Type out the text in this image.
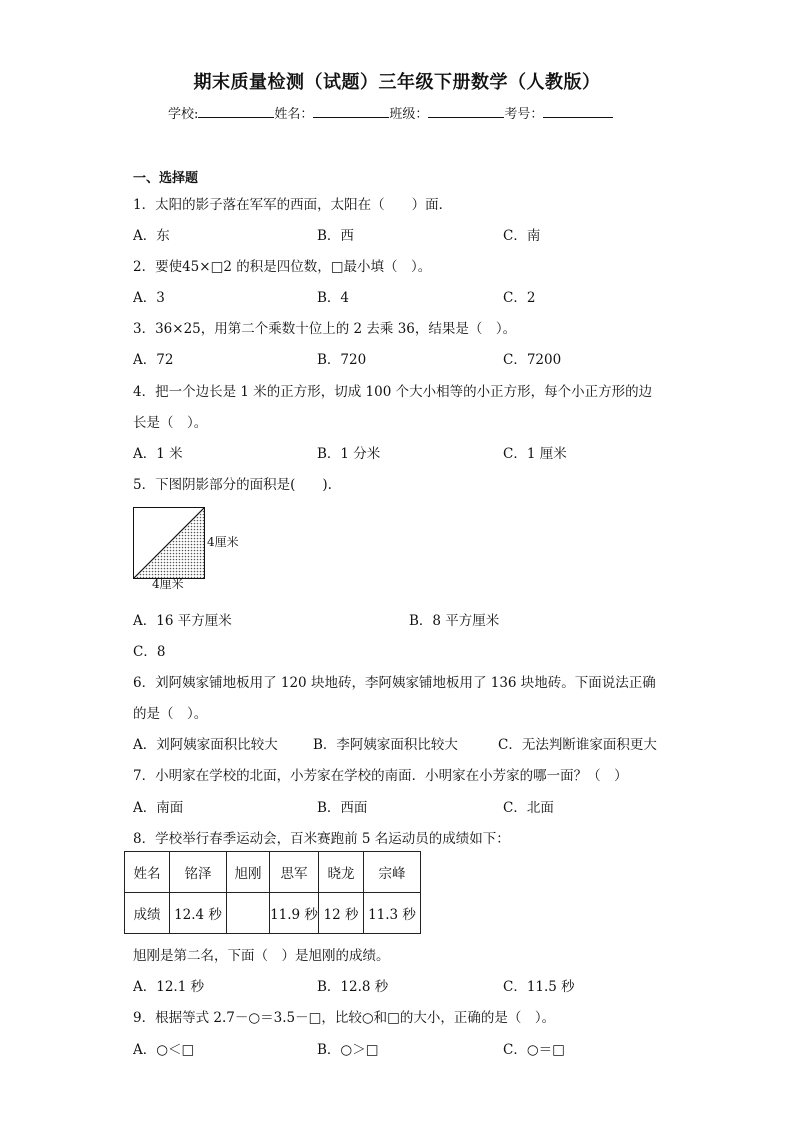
期末质量检测（试题）三年级下册数学（人教版）
学校:	姓名：	班级：	考号：
一、选择题
1．太阳的影子落在军军的西面，太阳在（　　）面．
A．东	B．西	C．南
2．要使45×□2 的积是四位数，□最小填（　）。
A．3	B．4	C．2
3．36×25，用第二个乘数十位上的 2 去乘 36，结果是（　）。
A．72	B．720	C．7200
4．把一个边长是 1 米的正方形，切成 100 个大小相等的小正方形，每个小正方形的边
长是（　）。
A．1 米	B．1 分米	C．1 厘米
5．下图阴影部分的面积是(　　).
4厘米
4厘米
A．16 平方厘米	B．8 平方厘米
C．8
6．刘阿姨家铺地板用了 120 块地砖，李阿姨家铺地板用了 136 块地砖。下面说法正确
的是（　）。
A．刘阿姨家面积比较大	B．李阿姨家面积比较大	C．无法判断谁家面积更大
7．小明家在学校的北面，小芳家在学校的南面．小明家在小芳家的哪一面？（　）
A．南面	B．西面	C．北面
8．学校举行春季运动会，百米赛跑前 5 名运动员的成绩如下：
姓名	铭泽	旭刚	思军	晓龙	宗峰
成绩	12.4 秒		11.9 秒	12 秒	11.3 秒
旭刚是第二名，下面（　）是旭刚的成绩。
A．12.1 秒	B．12.8 秒	C．11.5 秒
9．根据等式 2.7－○＝3.5－□，比较○和□的大小，正确的是（　）。
A．○＜□	B．○＞□	C．○＝□
